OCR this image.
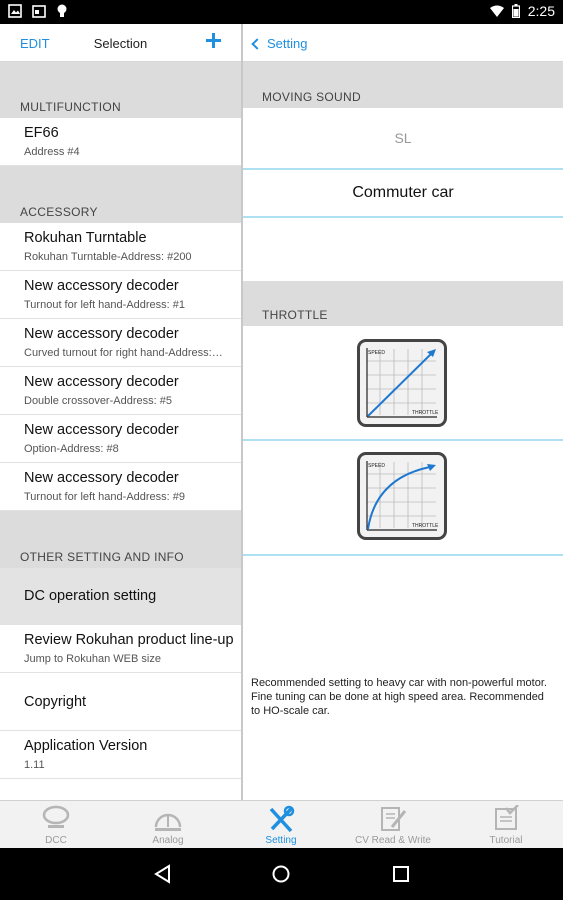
2:25
EDIT	Selection
MULTIFUNCTION
EF66
Address #4
ACCESSORY
Rokuhan Turntable
Rokuhan Turntable-Address: #200
New accessory decoder
Turnout for left hand-Address: #1
New accessory decoder
Curved turnout for right hand-Address:…
New accessory decoder
Double crossover-Address: #5
New accessory decoder
Option-Address: #8
New accessory decoder
Turnout for left hand-Address: #9
OTHER SETTING AND INFO
DC operation setting
Review Rokuhan product line-up
Jump to Rokuhan WEB size
Copyright
Application Version
1.11
Setting
MOVING SOUND
SL
Commuter car
THROTTLE
SPEED
THROTTLE
SPEED
THROTTLE

Recommended setting to heavy car with non-powerful motor. Fine tuning can be done at high speed area. Recommended to HO-scale car.

DCC	Analog	Setting	CV Read & Write	Tutorial
